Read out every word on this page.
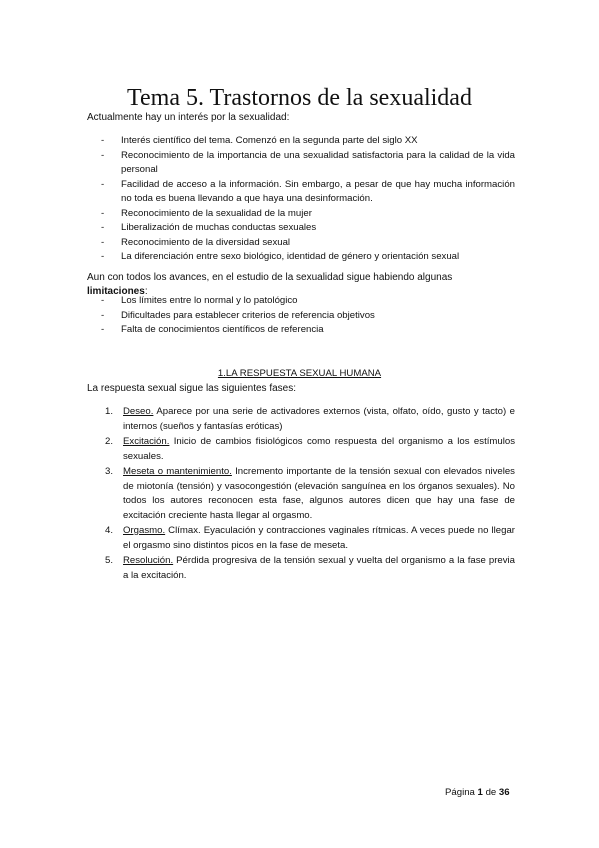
Tema 5. Trastornos de la sexualidad
Actualmente hay un interés por la sexualidad:
- Interés científico del tema. Comenzó en la segunda parte del siglo XX
- Reconocimiento de la importancia de una sexualidad satisfactoria para la calidad de la vida personal
- Facilidad de acceso a la información. Sin embargo, a pesar de que hay mucha información no toda es buena llevando a que haya una desinformación.
- Reconocimiento de la sexualidad de la mujer
- Liberalización de muchas conductas sexuales
- Reconocimiento de la diversidad sexual
- La diferenciación entre sexo biológico, identidad de género y orientación sexual
Aun con todos los avances, en el estudio de la sexualidad sigue habiendo algunas limitaciones:
- Los límites entre lo normal y lo patológico
- Dificultades para establecer criterios de referencia objetivos
- Falta de conocimientos científicos de referencia
1.LA RESPUESTA SEXUAL HUMANA
La respuesta sexual sigue las siguientes fases:
1. Deseo. Aparece por una serie de activadores externos (vista, olfato, oído, gusto y tacto) e internos (sueños y fantasías eróticas)
2. Excitación. Inicio de cambios fisiológicos como respuesta del organismo a los estímulos sexuales.
3. Meseta o mantenimiento. Incremento importante de la tensión sexual con elevados niveles de miotonía (tensión) y vasocongestión (elevación sanguínea en los órganos sexuales). No todos los autores reconocen esta fase, algunos autores dicen que hay una fase de excitación creciente hasta llegar al orgasmo.
4. Orgasmo. Clímax. Eyaculación y contracciones vaginales rítmicas. A veces puede no llegar el orgasmo sino distintos picos en la fase de meseta.
5. Resolución. Pérdida progresiva de la tensión sexual y vuelta del organismo a la fase previa a la excitación.
Página 1 de 36
